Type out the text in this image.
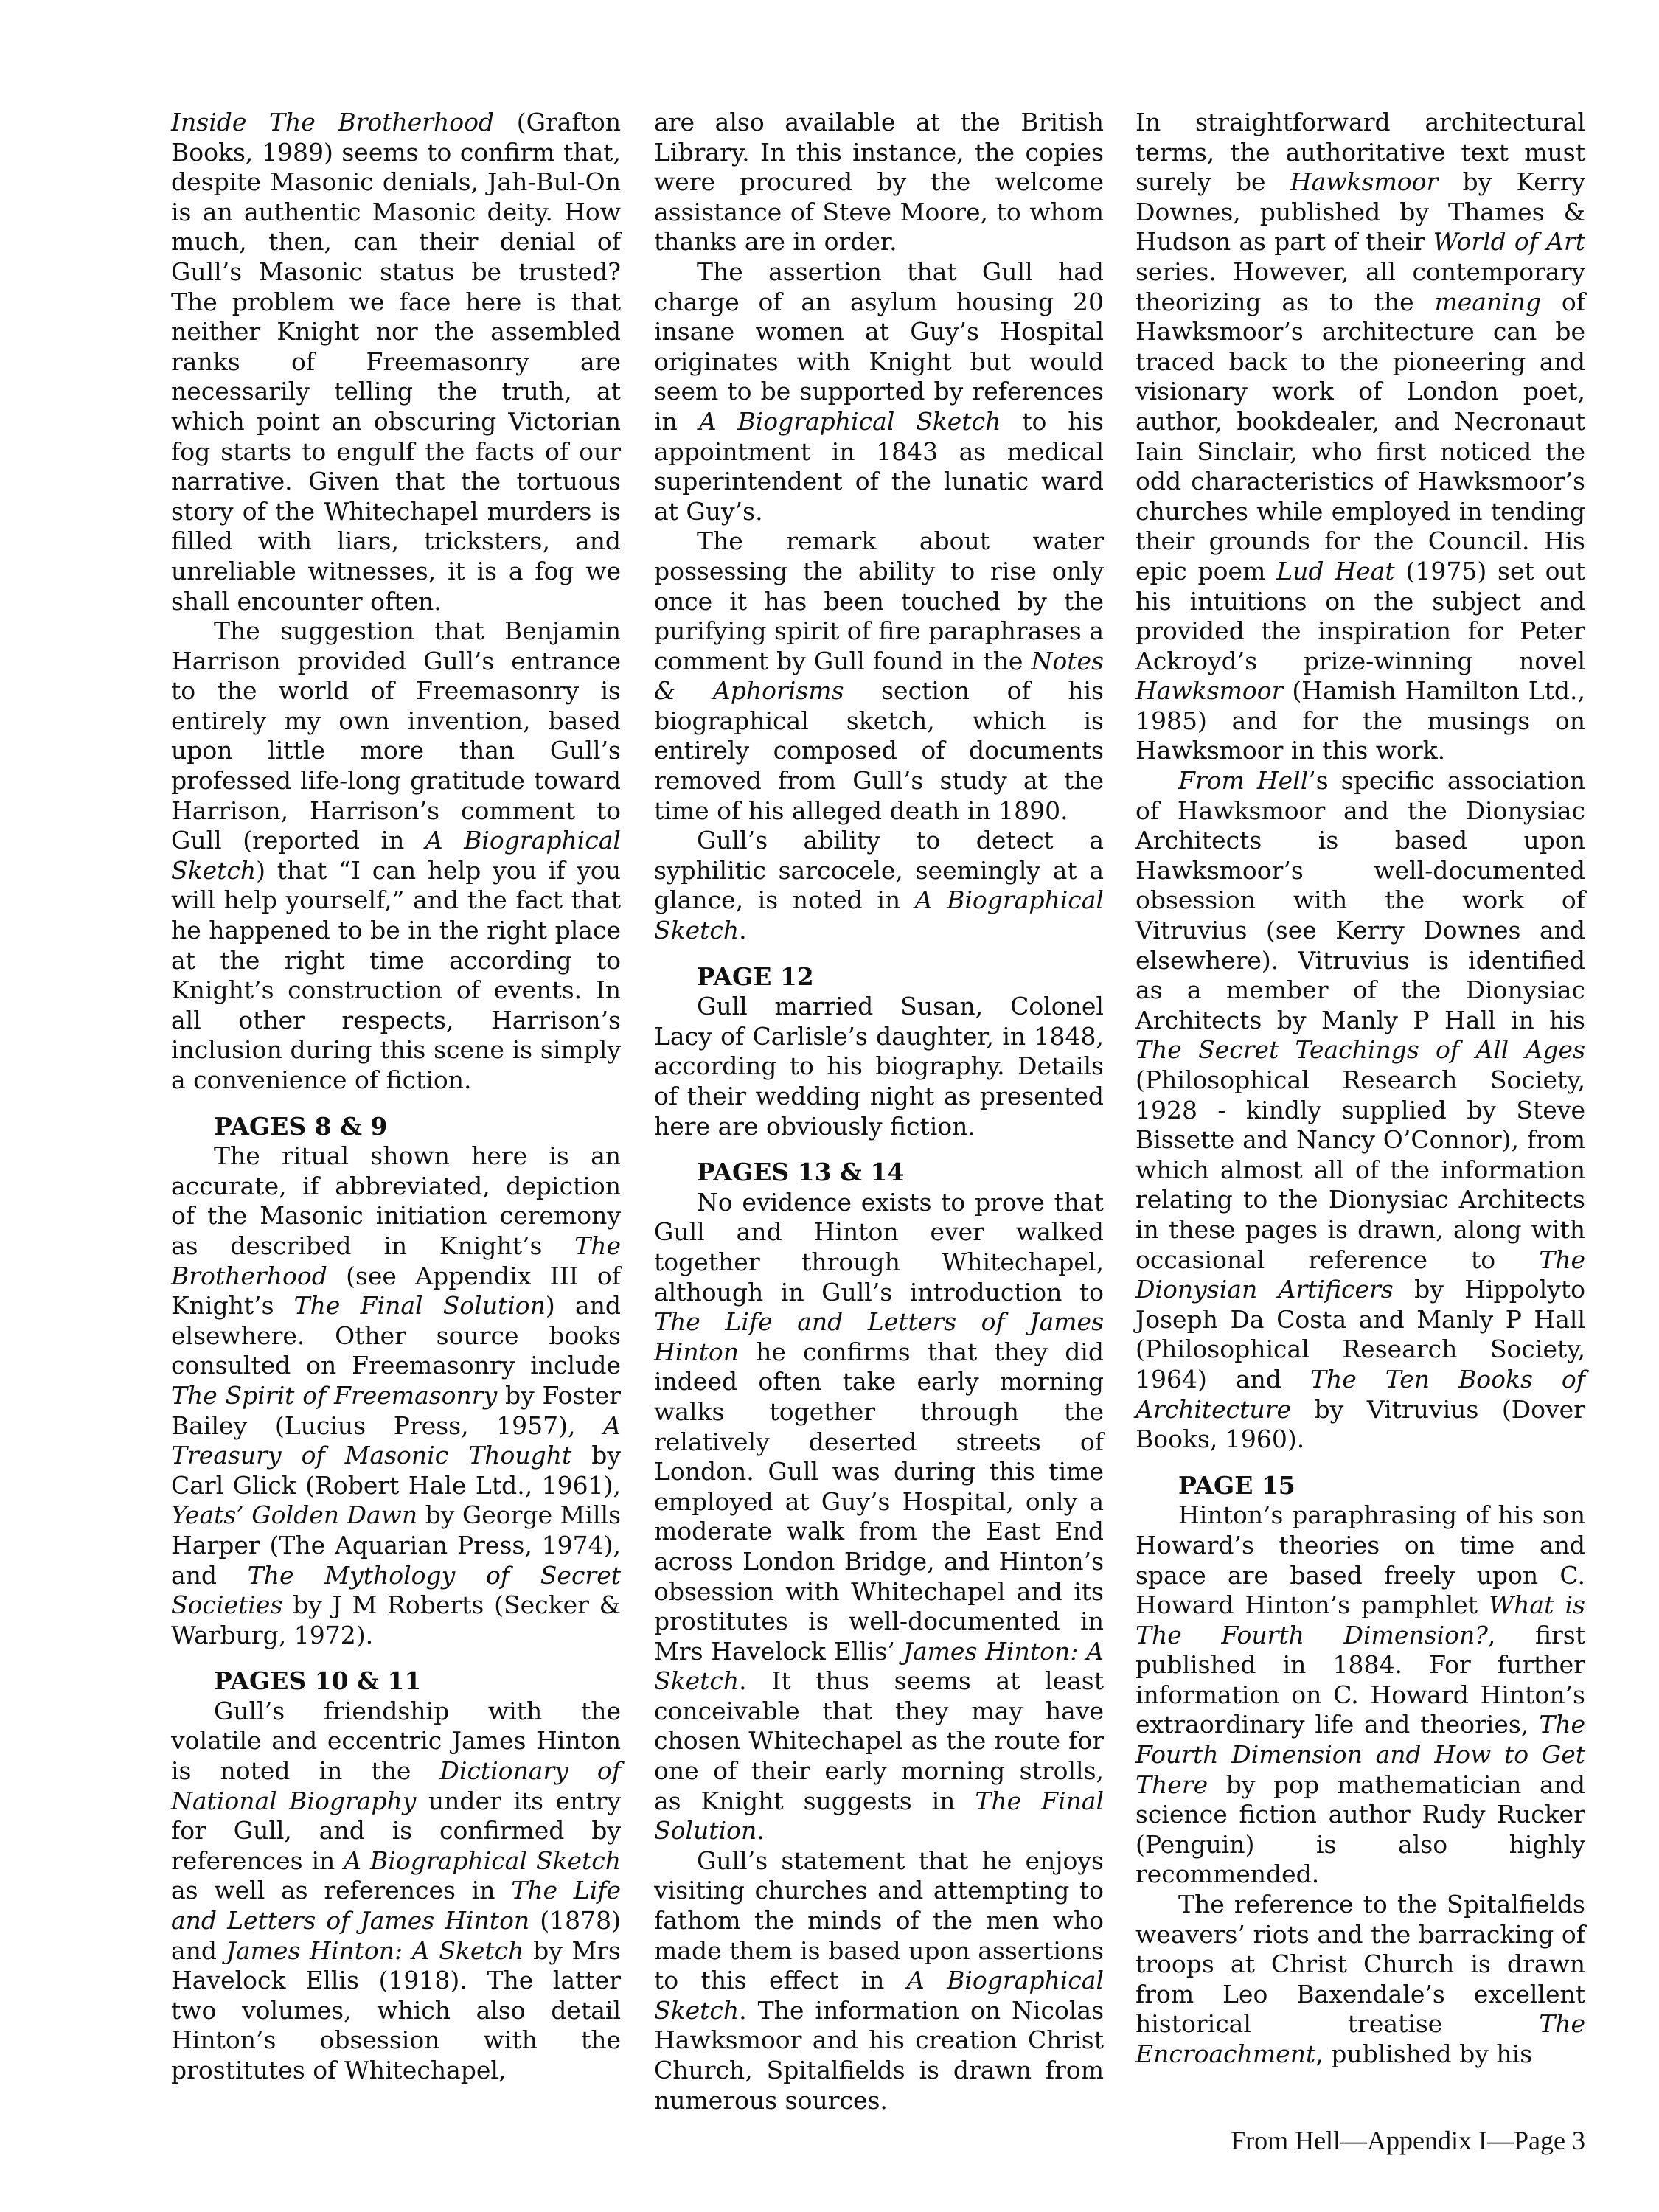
Inside The Brotherhood (Grafton Books, 1989) seems to confirm that, despite Masonic denials, Jah-Bul-On is an authentic Masonic deity. How much, then, can their denial of Gull’s Masonic status be trusted? The problem we face here is that neither Knight nor the assembled ranks of Freemasonry are necessarily telling the truth, at which point an obscuring Victorian fog starts to engulf the facts of our narrative. Given that the tortuous story of the Whitechapel murders is filled with liars, tricksters, and unreliable witnesses, it is a fog we shall encounter often.

The suggestion that Benjamin Harrison provided Gull’s entrance to the world of Freemasonry is entirely my own invention, based upon little more than Gull’s professed life-long gratitude toward Harrison, Harrison’s comment to Gull (reported in A Biographical Sketch) that “I can help you if you will help yourself,” and the fact that he happened to be in the right place at the right time according to Knight’s construction of events. In all other respects, Harrison’s inclusion during this scene is simply a convenience of fiction.

PAGES 8 & 9

The ritual shown here is an accurate, if abbreviated, depiction of the Masonic initiation ceremony as described in Knight’s The Brotherhood (see Appendix III of Knight’s The Final Solution) and elsewhere. Other source books consulted on Freemasonry include The Spirit of Freemasonry by Foster Bailey (Lucius Press, 1957), A Treasury of Masonic Thought by Carl Glick (Robert Hale Ltd., 1961), Yeats’ Golden Dawn by George Mills Harper (The Aquarian Press, 1974), and The Mythology of Secret Societies by J M Roberts (Secker & Warburg, 1972).

PAGES 10 & 11

Gull’s friendship with the volatile and eccentric James Hinton is noted in the Dictionary of National Biography under its entry for Gull, and is confirmed by references in A Biographical Sketch as well as references in The Life and Letters of James Hinton (1878) and James Hinton: A Sketch by Mrs Havelock Ellis (1918). The latter two volumes, which also detail Hinton’s obsession with the prostitutes of Whitechapel,

are also available at the British Library. In this instance, the copies were procured by the welcome assistance of Steve Moore, to whom thanks are in order.

The assertion that Gull had charge of an asylum housing 20 insane women at Guy’s Hospital originates with Knight but would seem to be supported by references in A Biographical Sketch to his appointment in 1843 as medical superintendent of the lunatic ward at Guy’s.

The remark about water possessing the ability to rise only once it has been touched by the purifying spirit of fire paraphrases a comment by Gull found in the Notes & Aphorisms section of his biographical sketch, which is entirely composed of documents removed from Gull’s study at the time of his alleged death in 1890.

Gull’s ability to detect a syphilitic sarcocele, seemingly at a glance, is noted in A Biographical Sketch.

PAGE 12

Gull married Susan, Colonel Lacy of Carlisle’s daughter, in 1848, according to his biography. Details of their wedding night as presented here are obviously fiction.

PAGES 13 & 14

No evidence exists to prove that Gull and Hinton ever walked together through Whitechapel, although in Gull’s introduction to The Life and Letters of James Hinton he confirms that they did indeed often take early morning walks together through the relatively deserted streets of London. Gull was during this time employed at Guy’s Hospital, only a moderate walk from the East End across London Bridge, and Hinton’s obsession with Whitechapel and its prostitutes is well-documented in Mrs Havelock Ellis’ James Hinton: A Sketch. It thus seems at least conceivable that they may have chosen Whitechapel as the route for one of their early morning strolls, as Knight suggests in The Final Solution.

Gull’s statement that he enjoys visiting churches and attempting to fathom the minds of the men who made them is based upon assertions to this effect in A Biographical Sketch. The information on Nicolas Hawksmoor and his creation Christ Church, Spitalfields is drawn from numerous sources.

In straightforward architectural terms, the authoritative text must surely be Hawksmoor by Kerry Downes, published by Thames & Hudson as part of their World of Art series. However, all contemporary theorizing as to the meaning of Hawksmoor’s architecture can be traced back to the pioneering and visionary work of London poet, author, bookdealer, and Necronaut Iain Sinclair, who first noticed the odd characteristics of Hawksmoor’s churches while employed in tending their grounds for the Council. His epic poem Lud Heat (1975) set out his intuitions on the subject and provided the inspiration for Peter Ackroyd’s prize-winning novel Hawksmoor (Hamish Hamilton Ltd., 1985) and for the musings on Hawksmoor in this work.

From Hell’s specific association of Hawksmoor and the Dionysiac Architects is based upon Hawksmoor’s well-documented obsession with the work of Vitruvius (see Kerry Downes and elsewhere). Vitruvius is identified as a member of the Dionysiac Architects by Manly P Hall in his The Secret Teachings of All Ages (Philosophical Research Society, 1928 - kindly supplied by Steve Bissette and Nancy O’Connor), from which almost all of the information relating to the Dionysiac Architects in these pages is drawn, along with occasional reference to The Dionysian Artificers by Hippolyto Joseph Da Costa and Manly P Hall (Philosophical Research Society, 1964) and The Ten Books of Architecture by Vitruvius (Dover Books, 1960).

PAGE 15

Hinton’s paraphrasing of his son Howard’s theories on time and space are based freely upon C. Howard Hinton’s pamphlet What is The Fourth Dimension?, first published in 1884. For further information on C. Howard Hinton’s extraordinary life and theories, The Fourth Dimension and How to Get There by pop mathematician and science fiction author Rudy Rucker (Penguin) is also highly recommended.

The reference to the Spitalfields weavers’ riots and the barracking of troops at Christ Church is drawn from Leo Baxendale’s excellent historical treatise The Encroachment, published by his

From Hell—Appendix I—Page 3
